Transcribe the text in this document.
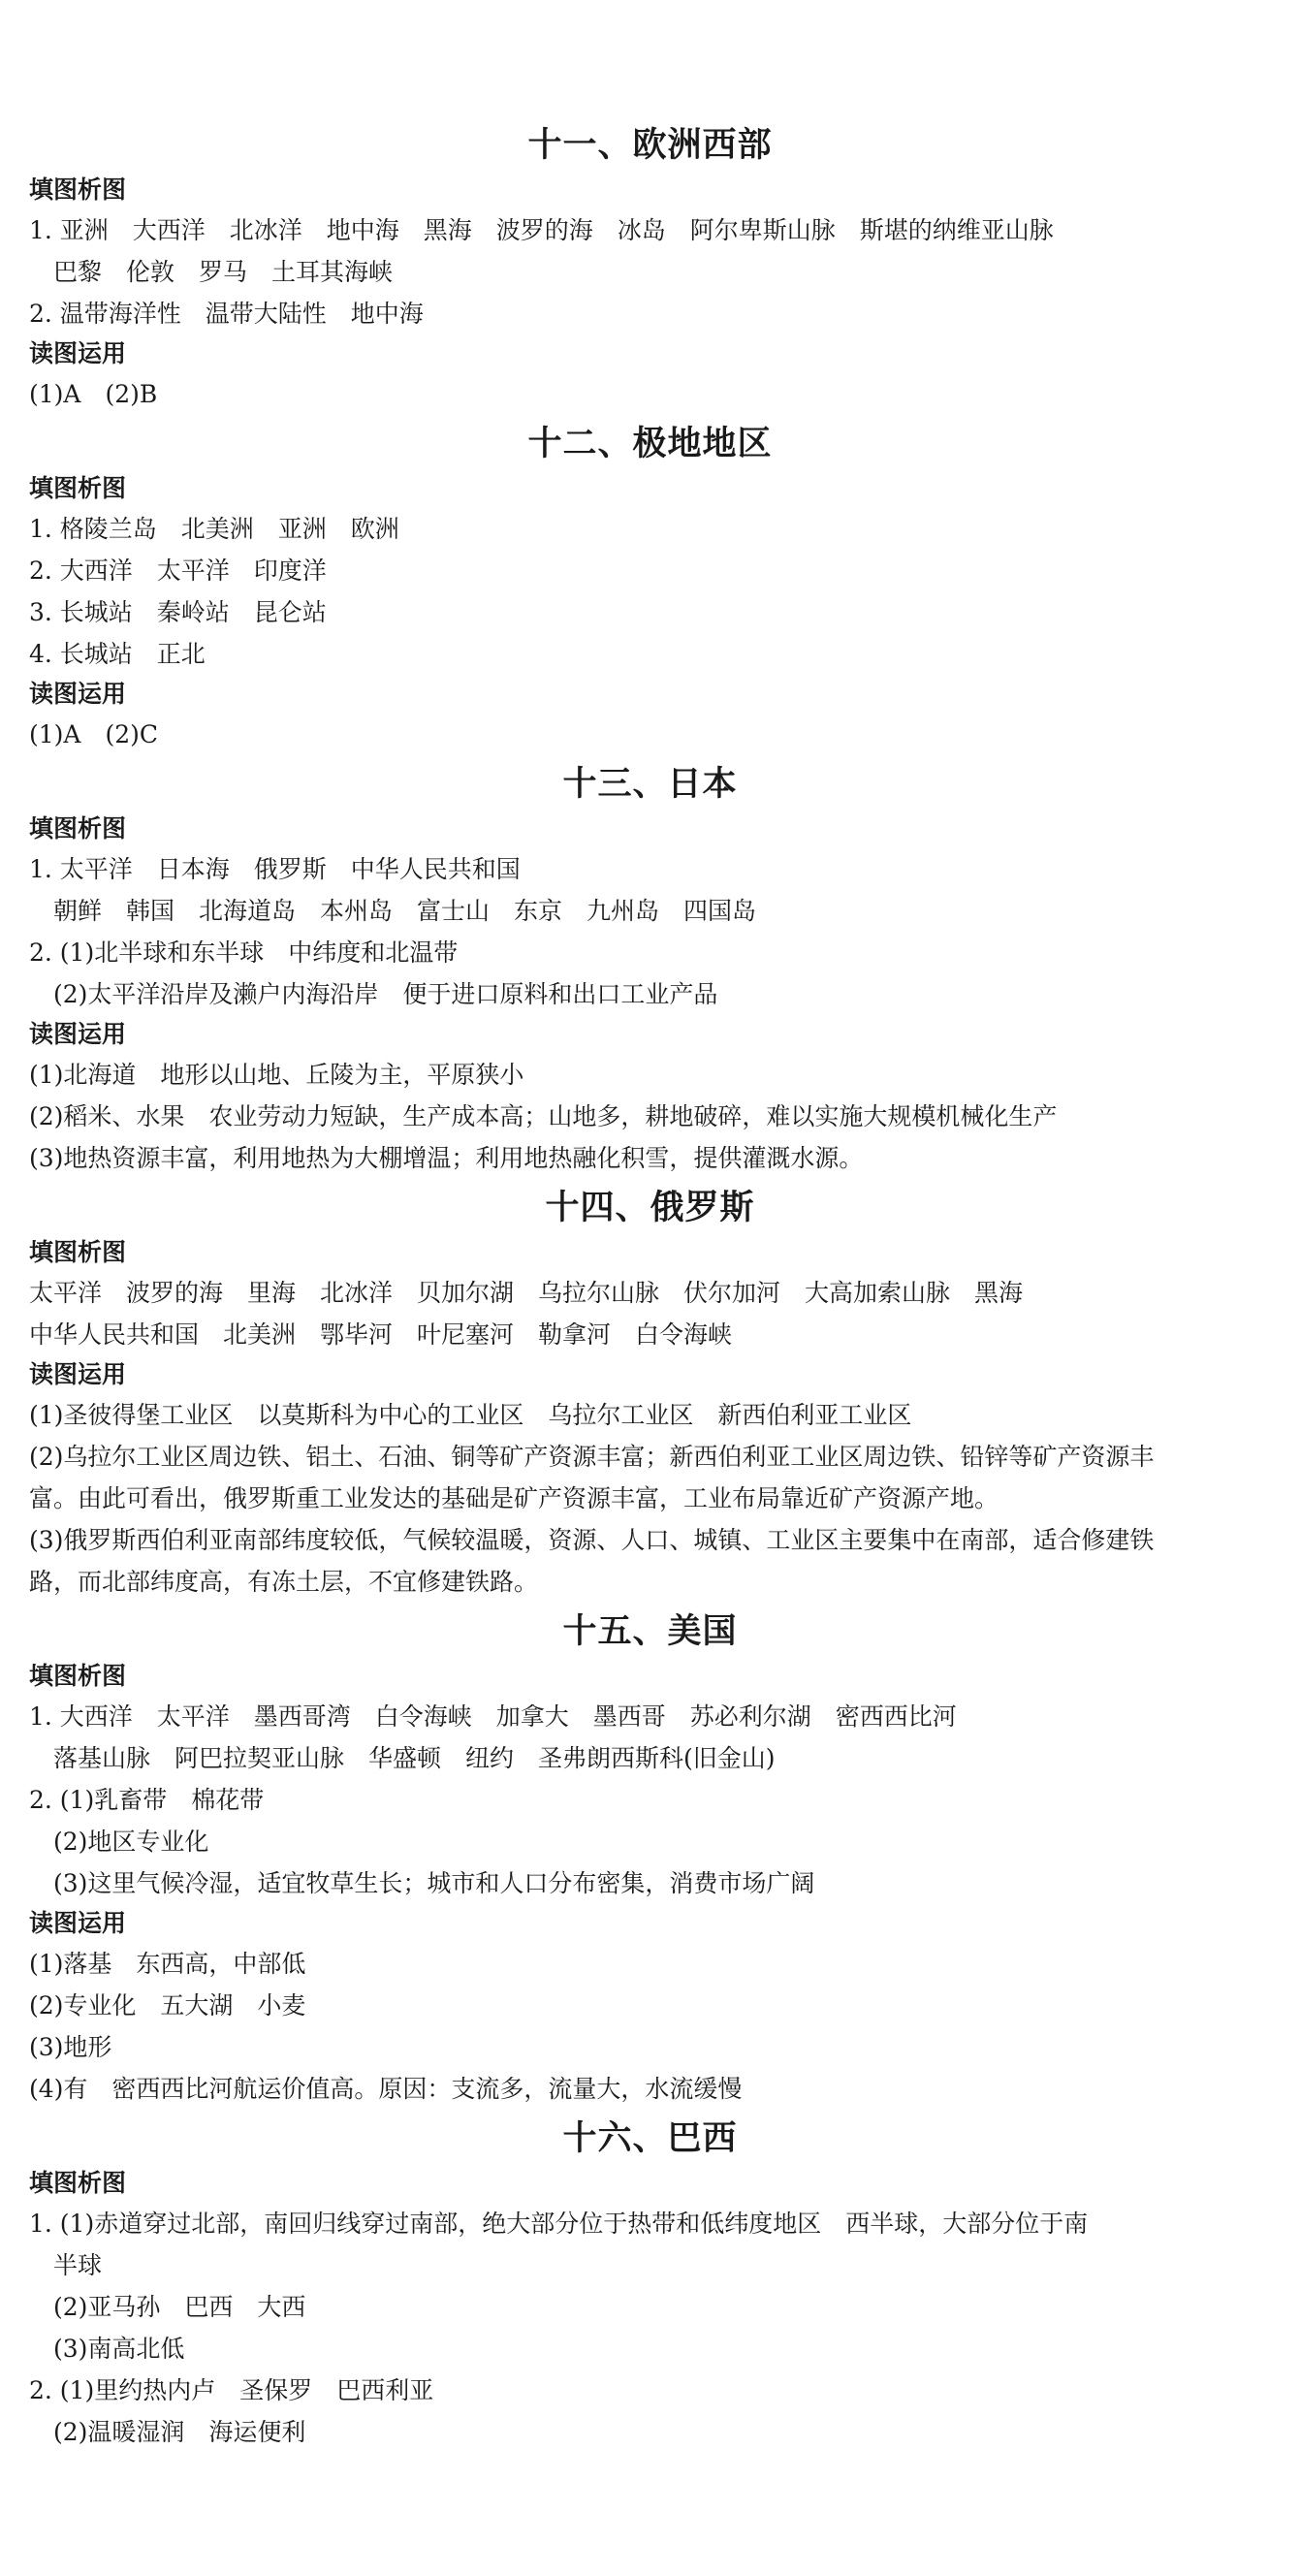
十一、欧洲西部
填图析图
1. 亚洲　大西洋　北冰洋　地中海　黑海　波罗的海　冰岛　阿尔卑斯山脉　斯堪的纳维亚山脉
　巴黎　伦敦　罗马　土耳其海峡
2. 温带海洋性　温带大陆性　地中海
读图运用
(1)A　(2)B
十二、极地地区
填图析图
1. 格陵兰岛　北美洲　亚洲　欧洲
2. 大西洋　太平洋　印度洋
3. 长城站　秦岭站　昆仑站
4. 长城站　正北
读图运用
(1)A　(2)C
十三、日本
填图析图
1. 太平洋　日本海　俄罗斯　中华人民共和国
　朝鲜　韩国　北海道岛　本州岛　富士山　东京　九州岛　四国岛
2. (1)北半球和东半球　中纬度和北温带
　(2)太平洋沿岸及濑户内海沿岸　便于进口原料和出口工业产品
读图运用
(1)北海道　地形以山地、丘陵为主，平原狭小
(2)稻米、水果　农业劳动力短缺，生产成本高；山地多，耕地破碎，难以实施大规模机械化生产
(3)地热资源丰富，利用地热为大棚增温；利用地热融化积雪，提供灌溉水源。
十四、俄罗斯
填图析图
太平洋　波罗的海　里海　北冰洋　贝加尔湖　乌拉尔山脉　伏尔加河　大高加索山脉　黑海
中华人民共和国　北美洲　鄂毕河　叶尼塞河　勒拿河　白令海峡
读图运用
(1)圣彼得堡工业区　以莫斯科为中心的工业区　乌拉尔工业区　新西伯利亚工业区
(2)乌拉尔工业区周边铁、铝土、石油、铜等矿产资源丰富；新西伯利亚工业区周边铁、铅锌等矿产资源丰
富。由此可看出，俄罗斯重工业发达的基础是矿产资源丰富，工业布局靠近矿产资源产地。
(3)俄罗斯西伯利亚南部纬度较低，气候较温暖，资源、人口、城镇、工业区主要集中在南部，适合修建铁
路，而北部纬度高，有冻土层，不宜修建铁路。
十五、美国
填图析图
1. 大西洋　太平洋　墨西哥湾　白令海峡　加拿大　墨西哥　苏必利尔湖　密西西比河
　落基山脉　阿巴拉契亚山脉　华盛顿　纽约　圣弗朗西斯科(旧金山)
2. (1)乳畜带　棉花带
　(2)地区专业化
　(3)这里气候冷湿，适宜牧草生长；城市和人口分布密集，消费市场广阔
读图运用
(1)落基　东西高，中部低
(2)专业化　五大湖　小麦
(3)地形
(4)有　密西西比河航运价值高。原因：支流多，流量大，水流缓慢
十六、巴西
填图析图
1. (1)赤道穿过北部，南回归线穿过南部，绝大部分位于热带和低纬度地区　西半球，大部分位于南
　半球
　(2)亚马孙　巴西　大西
　(3)南高北低
2. (1)里约热内卢　圣保罗　巴西利亚
　(2)温暖湿润　海运便利
